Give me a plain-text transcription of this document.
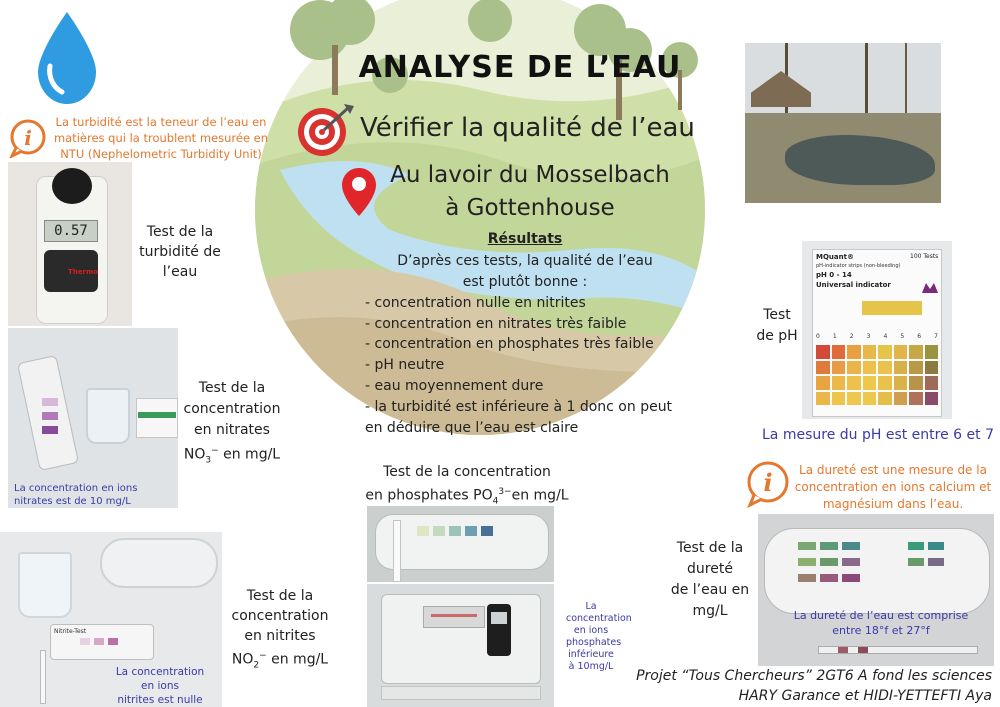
ANALYSE DE L’EAU
Vérifier la qualité de l’eau
Au lavoir du Mosselbach
à Gottenhouse
Résultats
D’après ces tests, la qualité de l’eau
est plutôt bonne :
- concentration nulle en nitrites
- concentration en nitrates très faible
- concentration en phosphates très faible
- pH neutre
- eau moyennement dure
- la turbidité est inférieure à 1 donc on peut
en déduire que l’eau est claire
i
La turbidité est la teneur de l’eau en matières qui la troublent mesurée en NTU (Nephelometric Turbidity Unit)
0.57
Thermo
Test de la
turbidité de
l’eau
La concentration en ions nitrates est de 10 mg/L
Test de la
concentration
en nitrates
$NO_3^-$ en mg/L
Nitrite-Test
La concentration
en ions
nitrites est nulle
Test de la
concentration
en nitrites
$NO_2^-$ en mg/L
Test de la concentration
en phosphates $PO_4^{3-}en$ mg/L
La concentration en ions phosphates inférieure à 10mg/L
Test
de pH
MQuant®	100 Tests
pH-indicator strips (non-bleeding)
pH 0 - 14
Universal indicator
0 1 2 3 4 5 6 7
La mesure du pH est entre 6 et 7
i	La dureté est une mesure de la concentration en ions calcium et magnésium dans l’eau.
La dureté de l’eau est comprise entre 18°f et 27°f
Test de la
dureté
de l’eau en
mg/L
Projet “Tous Chercheurs” 2GT6 A fond les sciences
HARY Garance et HIDI-YETTEFTI Aya
